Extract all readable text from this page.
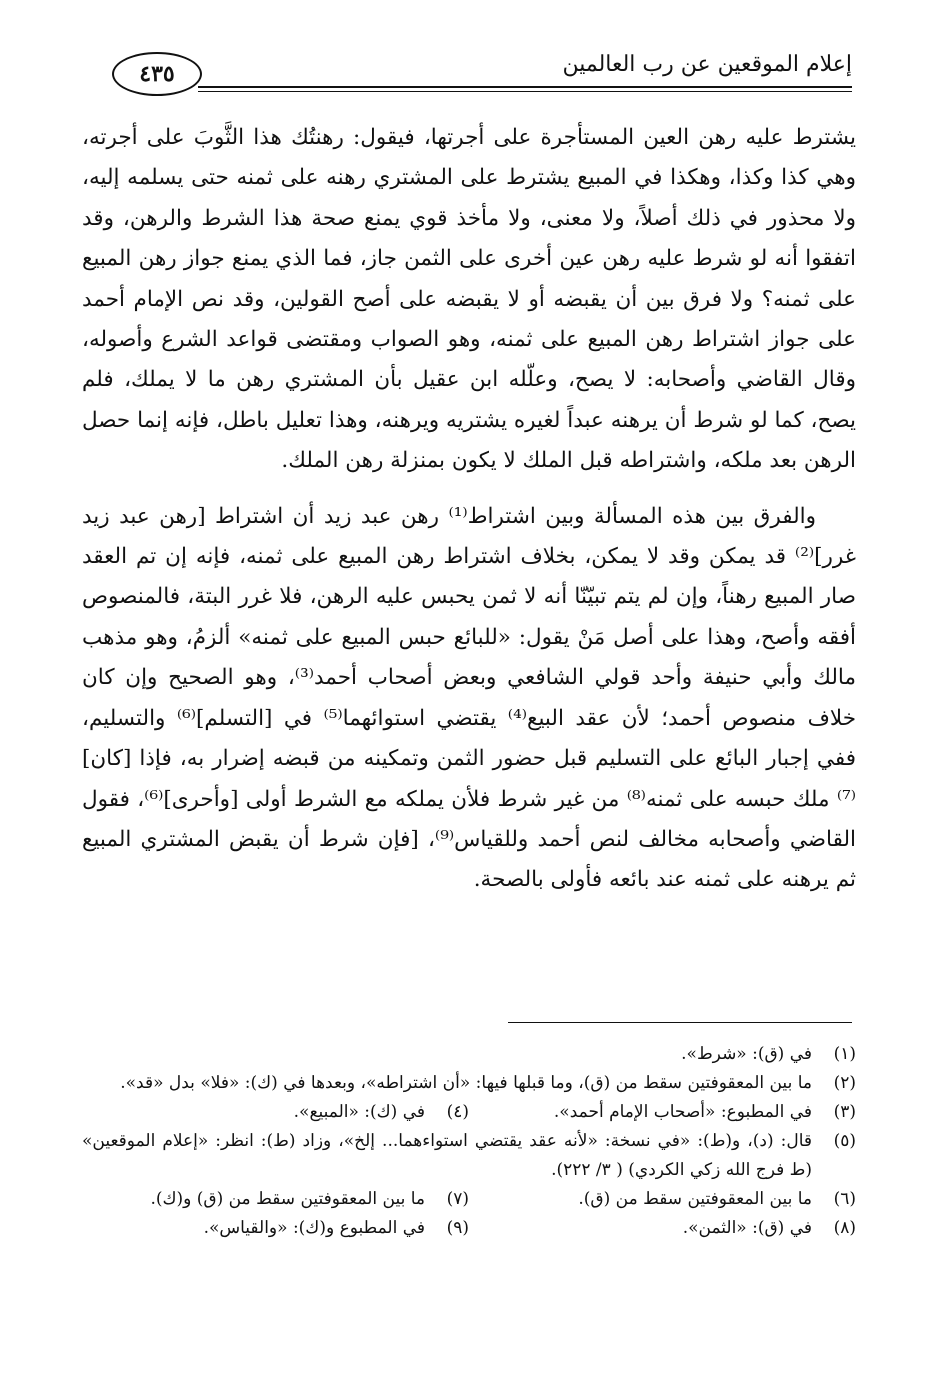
إعلام الموقعين عن رب العالمين
٤٣٥

يشترط عليه رهن العين المستأجرة على أجرتها، فيقول: رهنتُك هذا الثَّوبَ على أجرته، وهي كذا وكذا، وهكذا في المبيع يشترط على المشتري رهنه على ثمنه حتى يسلمه إليه، ولا محذور في ذلك أصلاً، ولا معنى، ولا مأخذ قوي يمنع صحة هذا الشرط والرهن، وقد اتفقوا أنه لو شرط عليه رهن عين أخرى على الثمن جاز، فما الذي يمنع جواز رهن المبيع على ثمنه؟ ولا فرق بين أن يقبضه أو لا يقبضه على أصح القولين، وقد نص الإمام أحمد على جواز اشتراط رهن المبيع على ثمنه، وهو الصواب ومقتضى قواعد الشرع وأصوله، وقال القاضي وأصحابه: لا يصح، وعلّله ابن عقيل بأن المشتري رهن ما لا يملك، فلم يصح، كما لو شرط أن يرهنه عبداً لغيره يشتريه ويرهنه، وهذا تعليل باطل، فإنه إنما حصل الرهن بعد ملكه، واشتراطه قبل الملك لا يكون بمنزلة رهن الملك.

والفرق بين هذه المسألة وبين اشتراط⁽¹⁾ رهن عبد زيد أن اشتراط [رهن عبد زيد غرر]⁽²⁾ قد يمكن وقد لا يمكن، بخلاف اشتراط رهن المبيع على ثمنه، فإنه إن تم العقد صار المبيع رهناً، وإن لم يتم تبيّنّا أنه لا ثمن يحبس عليه الرهن، فلا غرر البتة، فالمنصوص أفقه وأصح، وهذا على أصل مَنْ يقول: «للبائع حبس المبيع على ثمنه» ألزمُ، وهو مذهب مالك وأبي حنيفة وأحد قولي الشافعي وبعض أصحاب أحمد⁽³⁾، وهو الصحيح وإن كان خلاف منصوص أحمد؛ لأن عقد البيع⁽⁴⁾ يقتضي استوائهما⁽⁵⁾ في [التسلم]⁽⁶⁾ والتسليم، ففي إجبار البائع على التسليم قبل حضور الثمن وتمكينه من قبضه إضرار به، فإذا [كان]⁽⁷⁾ ملك حبسه على ثمنه⁽⁸⁾ من غير شرط فلأن يملكه مع الشرط أولى [وأحرى]⁽⁶⁾، فقول القاضي وأصحابه مخالف لنص أحمد وللقياس⁽⁹⁾، [فإن شرط أن يقبض المشتري المبيع ثم يرهنه على ثمنه عند بائعه فأولى بالصحة.

(١)
في (ق): «شرط».
(٢)
ما بين المعقوفتين سقط من (ق)، وما قبلها فيها: «أن اشتراطه»، وبعدها في (ك): «فلا» بدل «قد».
(٣)
في المطبوع: «أصحاب الإمام أحمد».
(٤)
في (ك): «المبيع».
(٥)
قال: (د)، و(ط): «في نسخة: «لأنه عقد يقتضي استواءهما... إلخ»، وزاد (ط): انظر: «إعلام الموقعين» (ط فرج الله زكي الكردي) ( ٣/ ٢٢٢).
(٦)
ما بين المعقوفتين سقط من (ق).
(٧)
ما بين المعقوفتين سقط من (ق) و(ك).
(٨)
في (ق): «الثمن».
(٩)
في المطبوع و(ك): «والقياس».
